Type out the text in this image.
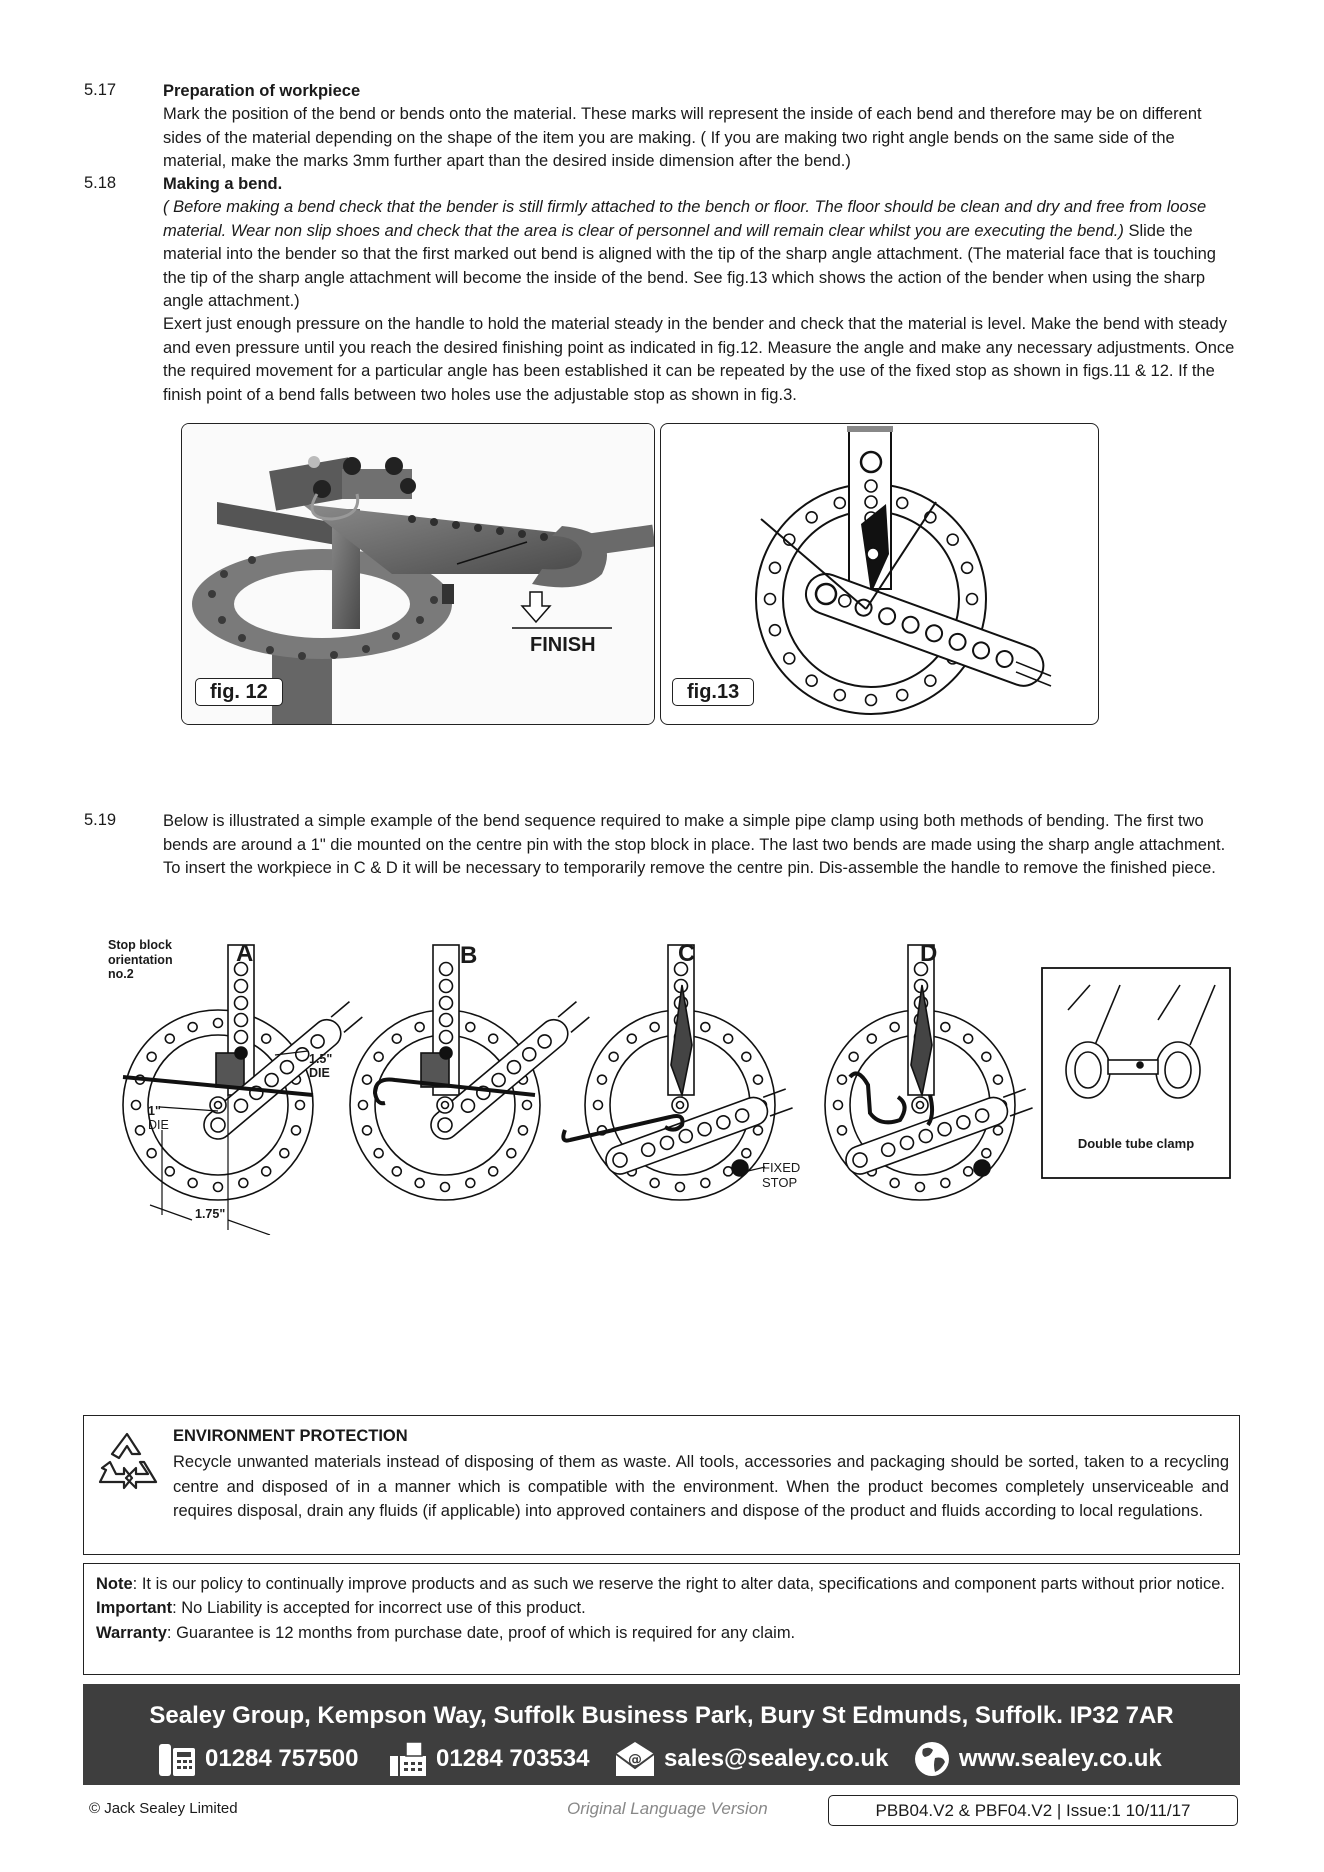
5.17	Preparation of workpiece

Mark the position of the bend or bends onto the material. These marks will represent the inside of each bend and therefore may be on different sides of the material depending on the shape of the item you are making. ( If you are making two right angle bends on the same side of the material, make the marks 3mm further apart than the desired inside dimension after the bend.)

5.18	Making a bend.

( Before making a bend check that the bender is still firmly attached to the bench or floor. The floor should be clean and dry and free from loose material. Wear non slip shoes and check that the area is clear of personnel and will remain clear whilst you are executing the bend.) Slide the material into the bender so that the first marked out bend is aligned with the tip of the sharp angle attachment. (The material face that is touching the tip of the sharp angle attachment will become the inside of the bend. See fig.13 which shows the action of the bender when using the sharp angle attachment.)

Exert just enough pressure on the handle to hold the material steady in the bender and check that the material is level. Make the bend with steady and even pressure until you reach the desired finishing point as indicated in fig.12. Measure the angle and make any necessary adjustments. Once the required movement for a particular angle has been established it can be repeated by the use of the fixed stop as shown in figs.11 & 12. If the finish point of a bend falls between two holes use the adjustable stop as shown in fig.3.

FINISH
fig. 12	fig.13
5.19	Below is illustrated a simple example of the bend sequence required to make a simple pipe clamp using both methods of bending. The first two bends are around a 1" die mounted on the centre pin with the stop block in place. The last two bends are made using the sharp angle attachment. To insert the workpiece in C & D it will be necessary to temporarily remove the centre pin. Dis-assemble the handle to remove the finished piece.

A	B	C	D
Stop block
orientation
no.2
1.5"
DIE
1"
DIE
1.75"
FIXED
STOP
Double tube clamp
ENVIRONMENT PROTECTION
Recycle unwanted materials instead of disposing of them as waste. All tools, accessories and packaging should be sorted, taken to a recycling centre and disposed of in a manner which is compatible with the environment. When the product becomes completely unserviceable and requires disposal, drain any fluids (if applicable) into approved containers and dispose of the product and fluids according to local regulations.

Note: It is our policy to continually improve products and as such we reserve the right to alter data, specifications and component parts without prior notice.

Important: No Liability is accepted for incorrect use of this product.

Warranty: Guarantee is 12 months from purchase date, proof of which is required for any claim.

Sealey Group, Kempson Way, Suffolk Business Park, Bury St Edmunds, Suffolk. IP32 7AR
01284 757500	01284 703534	@ sales@sealey.co.uk	www.sealey.co.uk
© Jack Sealey Limited	Original Language Version	PBB04.V2 & PBF04.V2 | Issue:1 10/11/17
